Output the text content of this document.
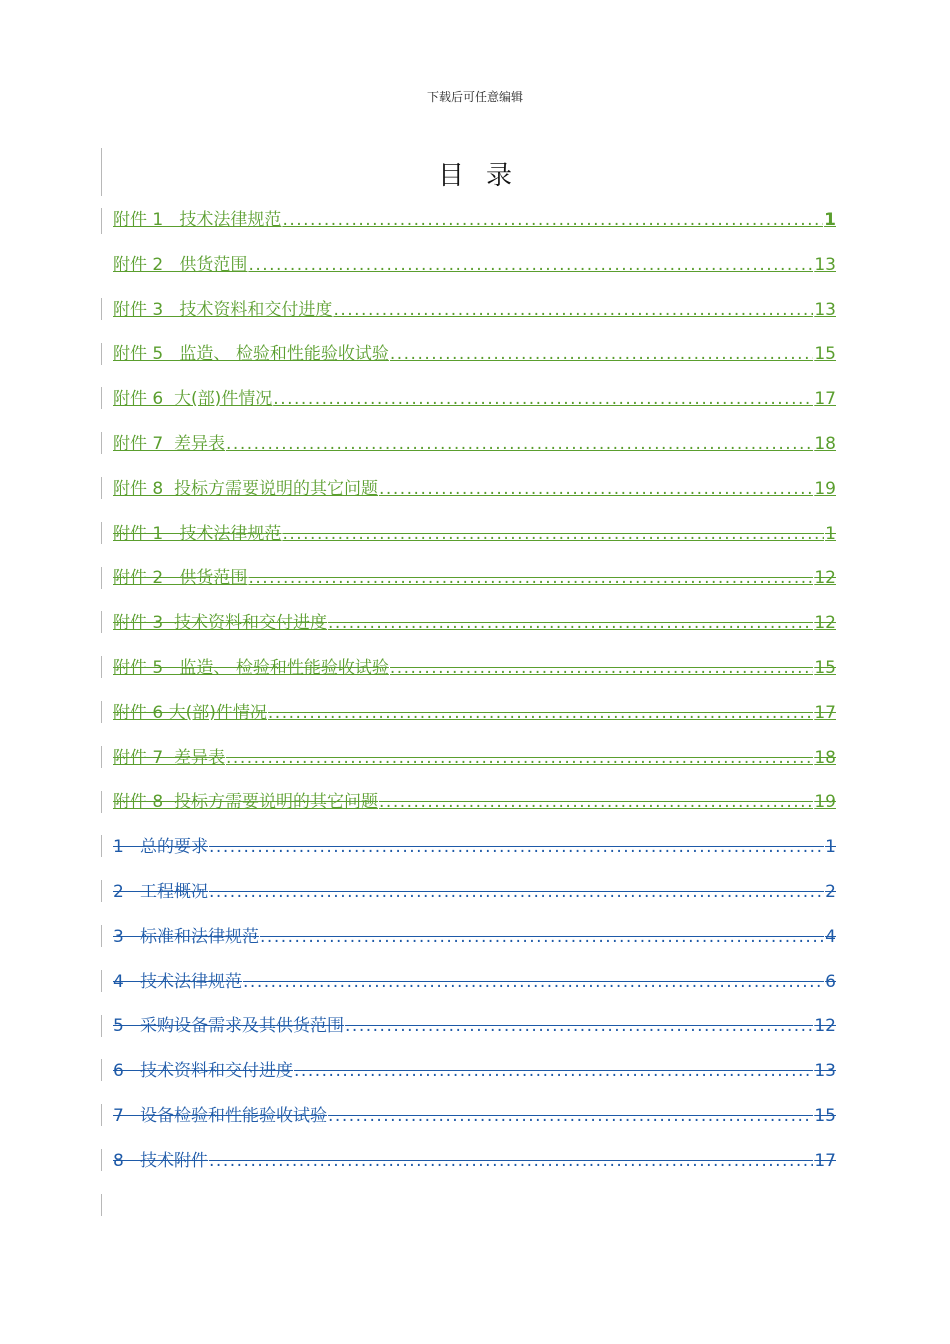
下载后可任意编辑
目录
附件 1   技术法律规范 .....	1
附件 2   供货范围 .....	13
附件 3   技术资料和交付进度 .....	13
附件 5   监造、 检验和性能验收试验 .....	15
附件 6  大(部)件情况 .....	17
附件 7  差异表 .....	18
附件 8  投标方需要说明的其它问题 .....	19
附件 1   技术法律规范 .....	1
附件 2   供货范围 .....	12
附件 3  技术资料和交付进度 .....	12
附件 5   监造、 检验和性能验收试验 .....	15
附件 6 大(部)件情况 .....	17
附件 7  差异表 .....	18
附件 8  投标方需要说明的其它问题 .....	19
1   总的要求 .....	1
2   工程概况 .....	2
3   标准和法律规范 .....	4
4   技术法律规范 .....	6
5   采购设备需求及其供货范围 .....	12
6   技术资料和交付进度 .....	13
7   设备检验和性能验收试验 .....	15
8   技术附件 .....	17
